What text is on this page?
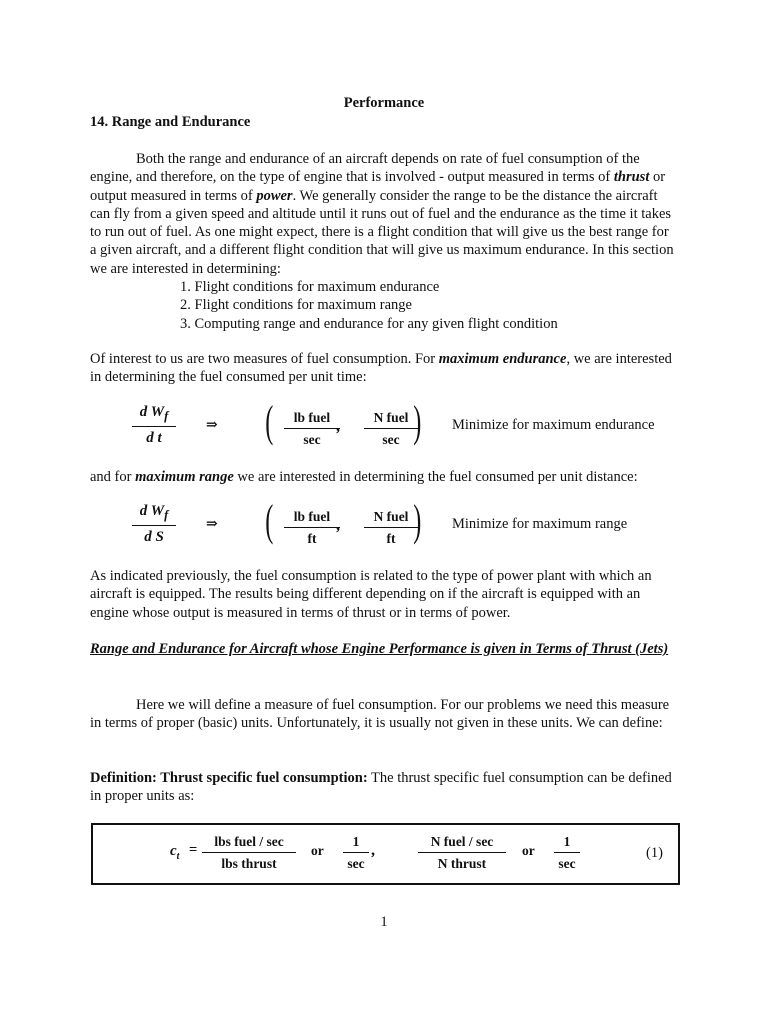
Performance
14. Range and Endurance

Both the range and endurance of an aircraft depends on rate of fuel consumption of the engine, and therefore, on the type of engine that is involved - output measured in terms of thrust or output measured in terms of power. We generally consider the range to be the distance the aircraft can fly from a given speed and altitude until it runs out of fuel and the endurance as the time it takes to run out of fuel. As one might expect, there is a flight condition that will give us the best range for a given aircraft, and a different flight condition that will give us maximum endurance. In this section we are interested in determining:

1. Flight conditions for maximum endurance
2. Flight conditions for maximum range
3. Computing range and endurance for any given flight condition

Of interest to us are two measures of fuel consumption. For maximum endurance, we are interested in determining the fuel consumed per unit time:

$\frac{d W_f}{\text{d t}}$ ⇒ (	lb fuel
sec
,
N fuel
sec ) Minimize for maximum endurance

and for maximum range we are interested in determining the fuel consumed per unit distance:

$\frac{d W_f}{\text{d S}}$ ⇒ (	lb fuel
ft
,
N fuel
ft ) Minimize for maximum range

As indicated previously, the fuel consumption is related to the type of power plant with which an aircraft is equipped. The results being different depending on if the aircraft is equipped with an engine whose output is measured in terms of thrust or in terms of power.

Range and Endurance for Aircraft whose Engine Performance is given in Terms of Thrust (Jets)

Here we will define a measure of fuel consumption. For our problems we need this measure in terms of proper (basic) units. Unfortunately, it is usually not given in these units. We can define:

Definition: Thrust specific fuel consumption: The thrust specific fuel consumption can be defined in proper units as:

$c_t$ =
lbs fuel / sec
lbs thrust
or
1
sec
,
N fuel / sec
N thrust
or
1
sec
(1)
1
